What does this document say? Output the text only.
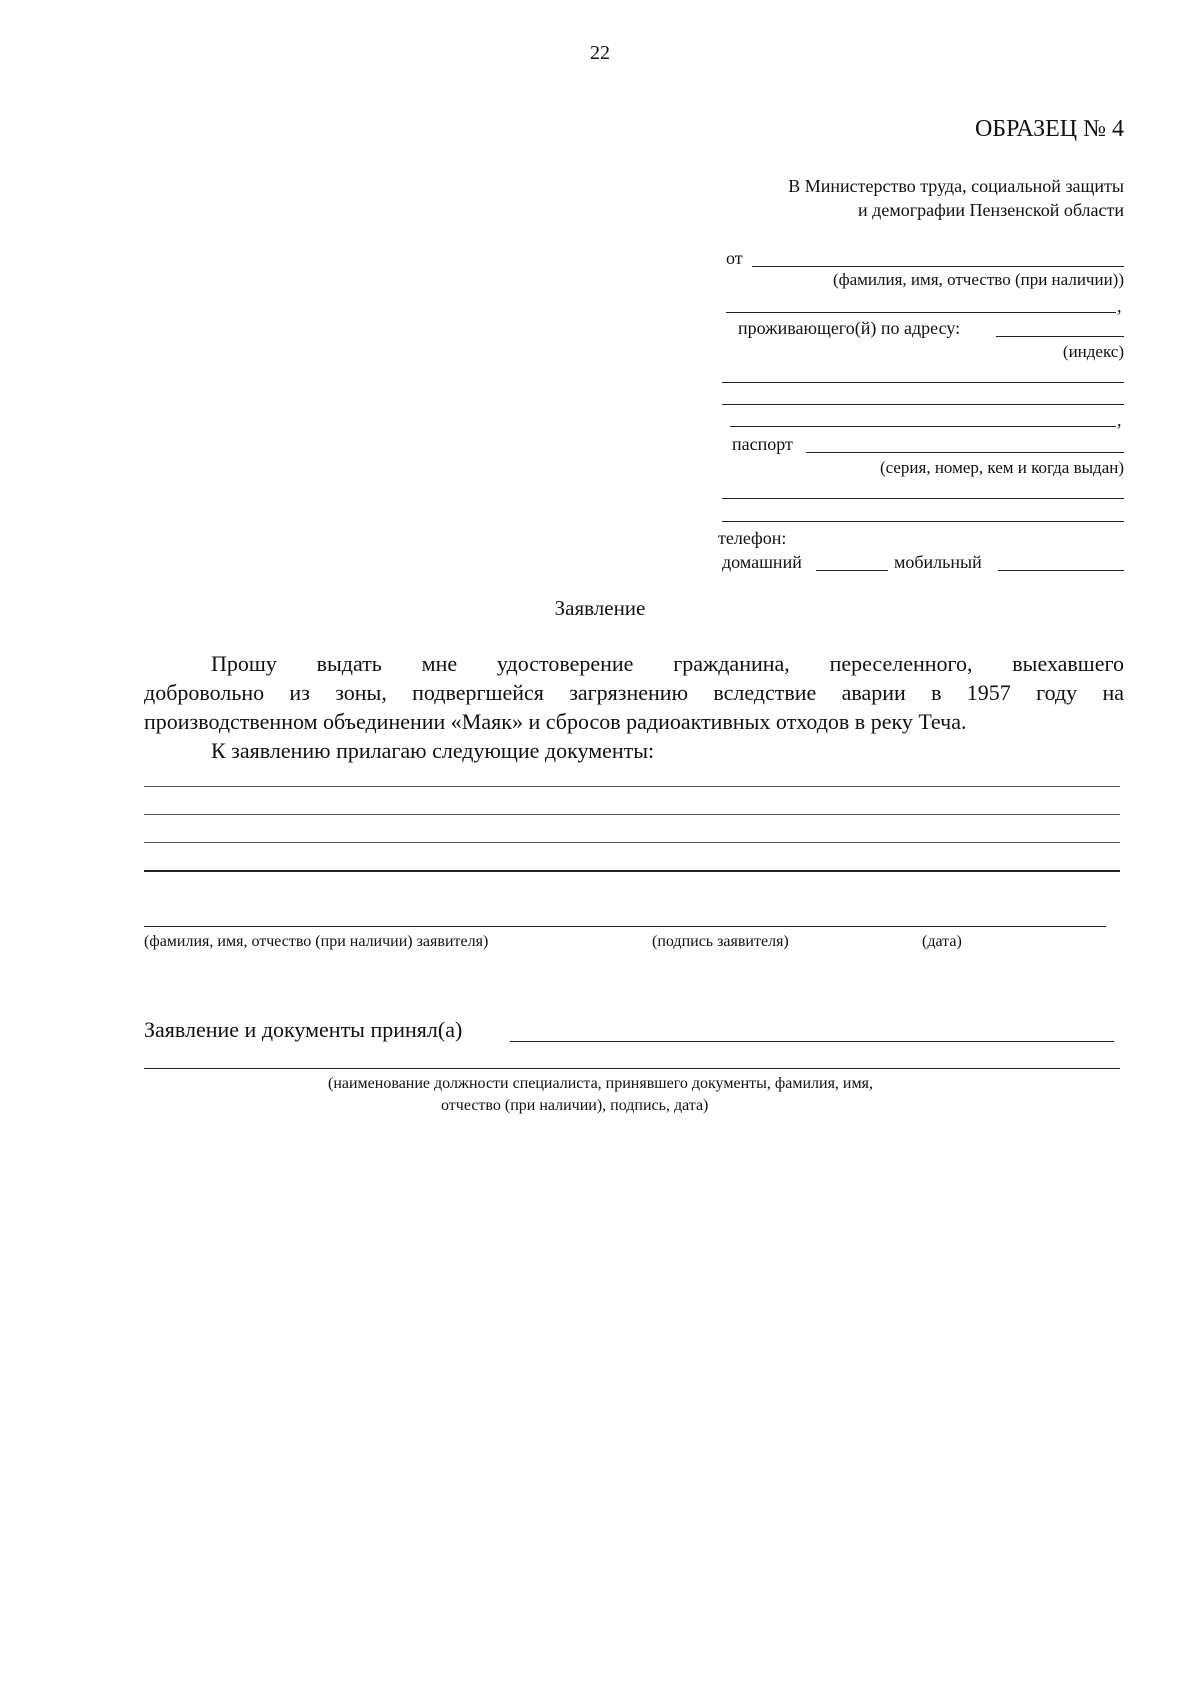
22
ОБРАЗЕЦ № 4
В Министерство труда, социальной защиты
и демографии Пензенской области
от
(фамилия, имя, отчество (при наличии))
,
проживающего(й) по адресу:
(индекс)
,
паспорт
(серия, номер, кем и когда выдан)
телефон:
домашний	мобильный
Заявление
Прошу выдать мне удостоверение гражданина, переселенного, выехавшего
добровольно из зоны, подвергшейся загрязнению вследствие аварии в 1957 году на
производственном объединении «Маяк» и сбросов радиоактивных отходов в реку Теча.
К заявлению прилагаю следующие документы:
(фамилия, имя, отчество (при наличии) заявителя)	(подпись заявителя)	(дата)
Заявление и документы принял(а)
(наименование должности специалиста, принявшего документы, фамилия, имя,
отчество (при наличии), подпись, дата)
